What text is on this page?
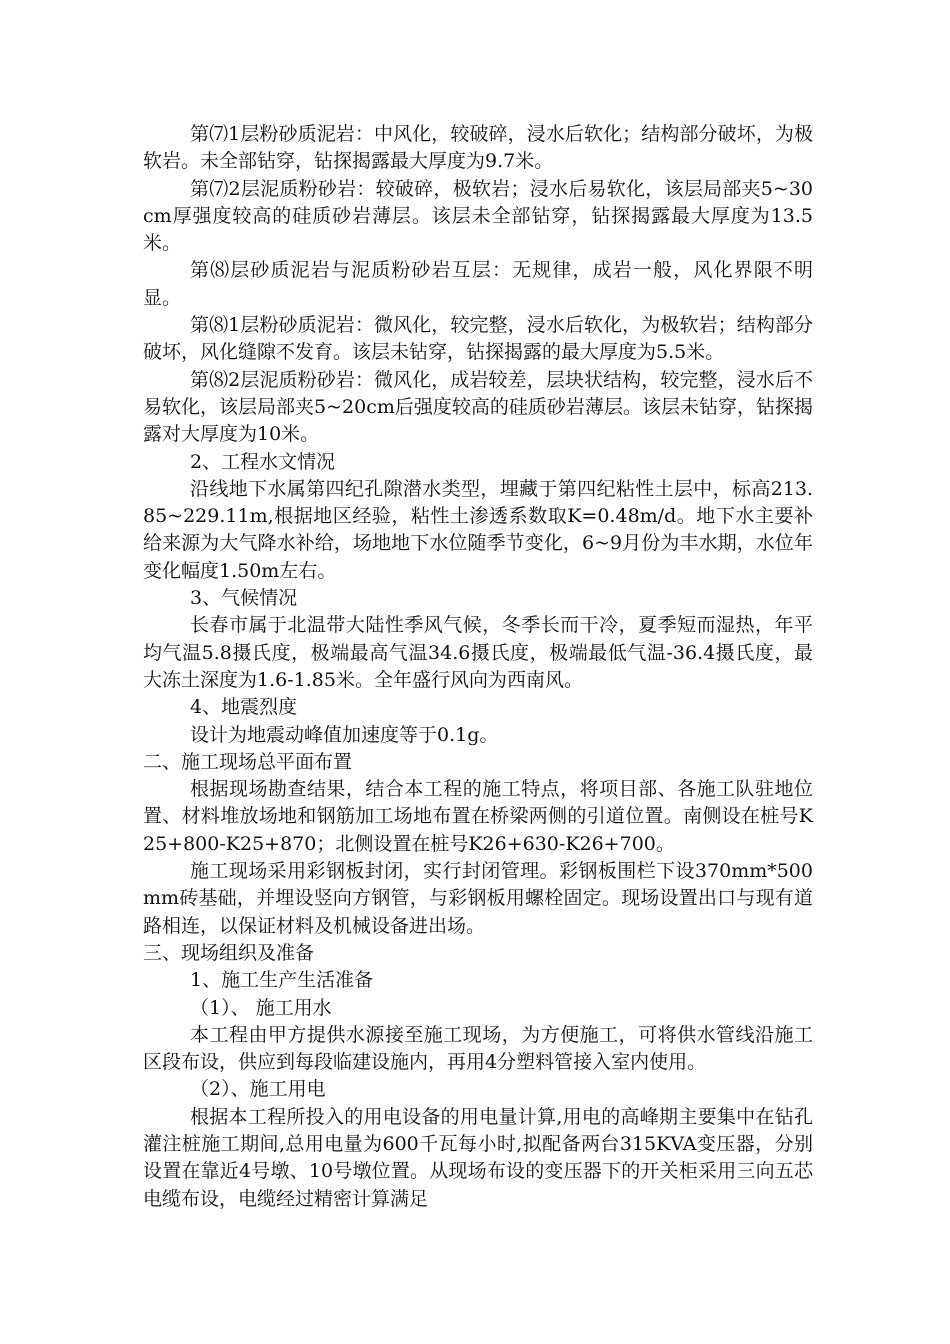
第⑺1层粉砂质泥岩：中风化，较破碎，浸水后软化；结构部分破坏，为极软岩。未全部钻穿，钻探揭露最大厚度为9.7米。

第⑺2层泥质粉砂岩：较破碎，极软岩；浸水后易软化，该层局部夹5~30cm厚强度较高的硅质砂岩薄层。该层未全部钻穿，钻探揭露最大厚度为13.5米。

第⑻层砂质泥岩与泥质粉砂岩互层：无规律，成岩一般，风化界限不明显。

第⑻1层粉砂质泥岩：微风化，较完整，浸水后软化，为极软岩；结构部分破坏，风化缝隙不发育。该层未钻穿，钻探揭露的最大厚度为5.5米。

第⑻2层泥质粉砂岩：微风化，成岩较差，层块状结构，较完整，浸水后不易软化，该层局部夹5~20cm后强度较高的硅质砂岩薄层。该层未钻穿，钻探揭露对大厚度为10米。

2、工程水文情况

沿线地下水属第四纪孔隙潜水类型，埋藏于第四纪粘性土层中，标高213.85~229.11m,根据地区经验，粘性土渗透系数取K=0.48m/d。地下水主要补给来源为大气降水补给，场地地下水位随季节变化，6~9月份为丰水期，水位年变化幅度1.50m左右。

3、气候情况

长春市属于北温带大陆性季风气候，冬季长而干冷，夏季短而湿热，年平均气温5.8摄氏度，极端最高气温34.6摄氏度，极端最低气温-36.4摄氏度，最大冻土深度为1.6-1.85米。全年盛行风向为西南风。

4、地震烈度

设计为地震动峰值加速度等于0.1g。

二、施工现场总平面布置

根据现场勘查结果，结合本工程的施工特点，将项目部、各施工队驻地位置、材料堆放场地和钢筋加工场地布置在桥梁两侧的引道位置。南侧设在桩号K25+800-K25+870；北侧设置在桩号K26+630-K26+700。

施工现场采用彩钢板封闭，实行封闭管理。彩钢板围栏下设370mm*500mm砖基础，并埋设竖向方钢管，与彩钢板用螺栓固定。现场设置出口与现有道路相连，以保证材料及机械设备进出场。

三、现场组织及准备

1、施工生产生活准备

（1）、 施工用水

本工程由甲方提供水源接至施工现场，为方便施工，可将供水管线沿施工区段布设，供应到每段临建设施内，再用4分塑料管接入室内使用。

（2）、施工用电

根据本工程所投入的用电设备的用电量计算,用电的高峰期主要集中在钻孔灌注桩施工期间,总用电量为600千瓦每小时,拟配备两台315KVA变压器，分别设置在靠近4号墩、10号墩位置。从现场布设的变压器下的开关柜采用三向五芯电缆布设，电缆经过精密计算满足
